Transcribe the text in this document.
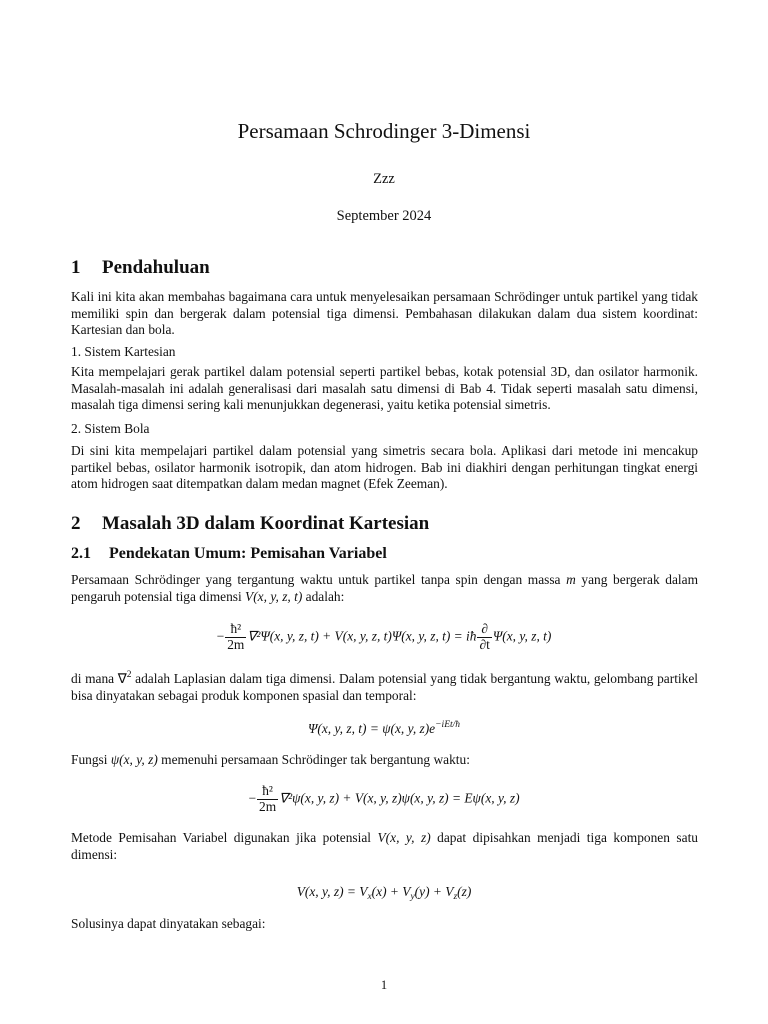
Persamaan Schrodinger 3-Dimensi
Zzz
September 2024
1 Pendahuluan
Kali ini kita akan membahas bagaimana cara untuk menyelesaikan persamaan Schrödinger untuk partikel yang tidak memiliki spin dan bergerak dalam potensial tiga dimensi. Pembahasan dilakukan dalam dua sistem koordinat: Kartesian dan bola.
1. Sistem Kartesian
Kita mempelajari gerak partikel dalam potensial seperti partikel bebas, kotak potensial 3D, dan osilator harmonik. Masalah-masalah ini adalah generalisasi dari masalah satu dimensi di Bab 4. Tidak seperti masalah satu dimensi, masalah tiga dimensi sering kali menunjukkan degenerasi, yaitu ketika potensial simetris.
2. Sistem Bola
Di sini kita mempelajari partikel dalam potensial yang simetris secara bola. Aplikasi dari metode ini mencakup partikel bebas, osilator harmonik isotropik, dan atom hidrogen. Bab ini diakhiri dengan perhitungan tingkat energi atom hidrogen saat ditempatkan dalam medan magnet (Efek Zeeman).
2 Masalah 3D dalam Koordinat Kartesian
2.1 Pendekatan Umum: Pemisahan Variabel
Persamaan Schrödinger yang tergantung waktu untuk partikel tanpa spin dengan massa m yang bergerak dalam pengaruh potensial tiga dimensi V(x, y, z, t) adalah:
− $\frac{\text{ħ²}}{2m} \nabla^2\Psi(x$, y, z, t) + V(x, y, z, t)Ψ(x, y, z, t) = iħ $\frac{\partial}{\partial t} \Psi(x$, y, z, t)
di mana ∇$^2$ adalah Laplasian dalam tiga dimensi. Dalam potensial yang tidak bergantung waktu, gelombang partikel bisa dinyatakan sebagai produk komponen spasial dan temporal:
Ψ(x, y, z, t) = ψ(x, y, $z)e^{-iEt/ħ}$
Fungsi ψ(x, y, z) memenuhi persamaan Schrödinger tak bergantung waktu:
− $\frac{\text{ħ²}}{2m} \nabla^2\psi(x$, y, z) + V(x, y, z)ψ(x, y, z) = Eψ(x, y, z)
Metode Pemisahan Variabel digunakan jika potensial V(x, y, z) dapat dipisahkan menjadi tiga komponen satu dimensi:
V(x, y, $z) = V_x(x) + V_y(y) + V_z(z)$
Solusinya dapat dinyatakan sebagai:
1
